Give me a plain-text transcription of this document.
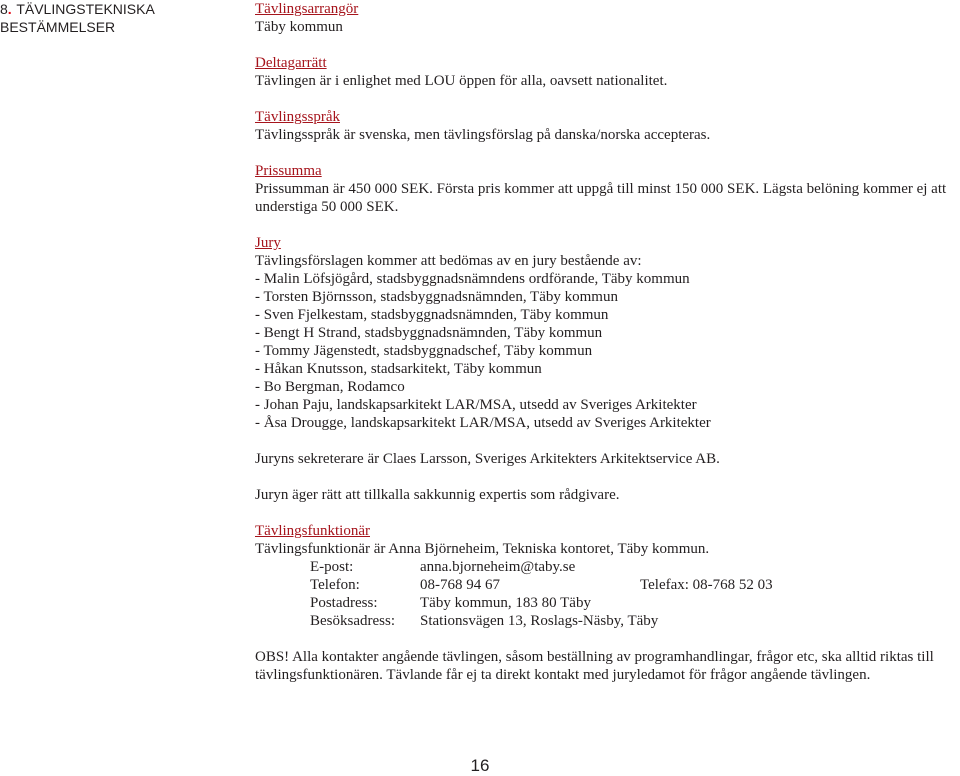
8. TÄVLINGSTEKNISKA
BESTÄMMELSER
Tävlingsarrangör
Täby kommun
Deltagarrätt
Tävlingen är i enlighet med LOU öppen för alla, oavsett nationalitet.
Tävlingsspråk
Tävlingsspråk är svenska, men tävlingsförslag på danska/norska accepteras.
Prissumma
Prissumman är 450 000 SEK. Första pris kommer att uppgå till minst 150 000 SEK. Lägsta belöning kommer ej att understiga 50 000 SEK.
Jury
Tävlingsförslagen kommer att bedömas av en jury bestående av:
- Malin Löfsjögård, stadsbyggnadsnämndens ordförande, Täby kommun
- Torsten Björnsson, stadsbyggnadsnämnden, Täby kommun
- Sven Fjelkestam, stadsbyggnadsnämnden, Täby kommun
- Bengt H Strand, stadsbyggnadsnämnden, Täby kommun
- Tommy Jägenstedt, stadsbyggnadschef, Täby kommun
- Håkan Knutsson, stadsarkitekt, Täby kommun
- Bo Bergman, Rodamco
- Johan Paju, landskapsarkitekt LAR/MSA, utsedd av Sveriges Arkitekter
- Åsa Drougge, landskapsarkitekt LAR/MSA, utsedd av Sveriges Arkitekter
Juryns sekreterare är Claes Larsson, Sveriges Arkitekters Arkitektservice AB.
Juryn äger rätt att tillkalla sakkunnig expertis som rådgivare.
Tävlingsfunktionär
Tävlingsfunktionär är Anna Björneheim, Tekniska kontoret, Täby kommun.
E-post:	anna.bjorneheim@taby.se
Telefon:	08-768 94 67	Telefax: 08-768 52 03
Postadress:	Täby kommun, 183 80 Täby
Besöksadress:	Stationsvägen 13, Roslags-Näsby, Täby
OBS! Alla kontakter angående tävlingen, såsom beställning av programhandlingar, frågor etc, ska alltid riktas till tävlingsfunktionären. Tävlande får ej ta direkt kontakt med juryledamot för frågor angående tävlingen.
16
